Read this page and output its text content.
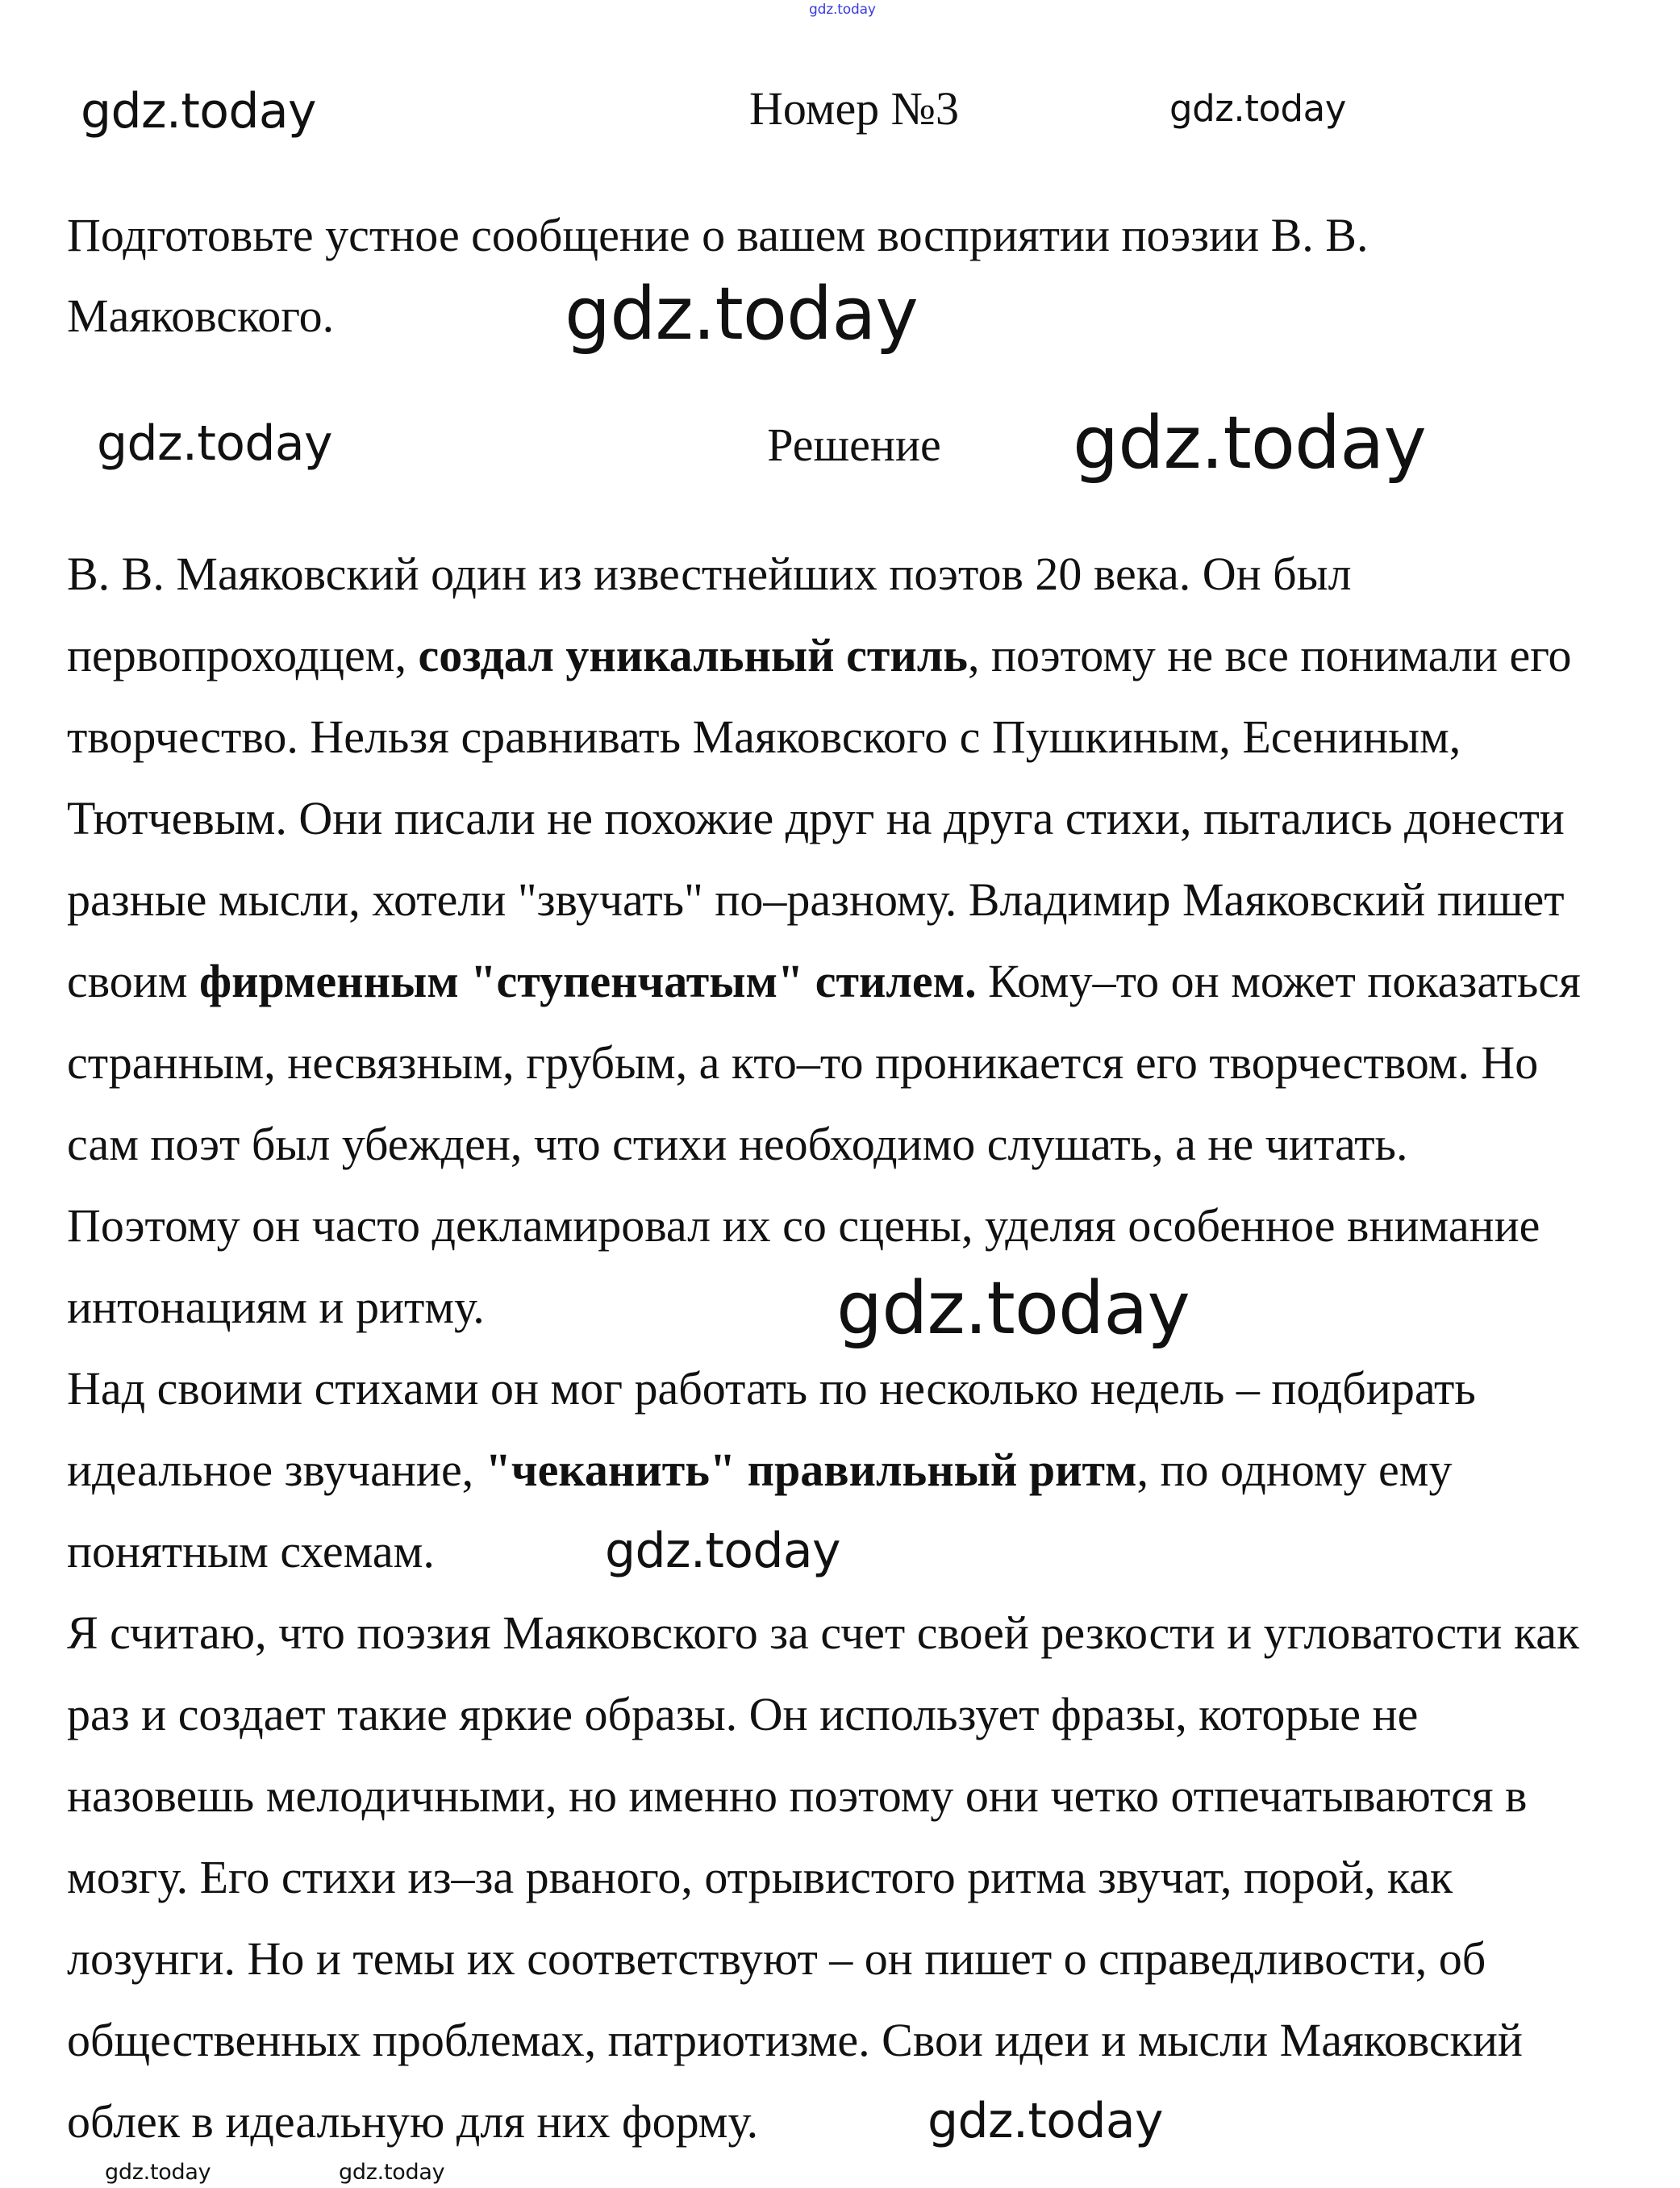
gdz.today
Номер №3
Подготовьте устное сообщение о вашем восприятии поэзии В. В.
Маяковского.
Решение
В. В. Маяковский один из известнейших поэтов 20 века. Он был
первопроходцем, создал уникальный стиль, поэтому не все понимали его
творчество. Нельзя сравнивать Маяковского с Пушкиным, Есениным,
Тютчевым. Они писали не похожие друг на друга стихи, пытались донести
разные мысли, хотели "звучать" по–разному. Владимир Маяковский пишет
своим фирменным "ступенчатым" стилем. Кому–то он может показаться
странным, несвязным, грубым, а кто–то проникается его творчеством. Но
сам поэт был убежден, что стихи необходимо слушать, а не читать.
Поэтому он часто декламировал их со сцены, уделяя особенное внимание
интонациям и ритму.
Над своими стихами он мог работать по несколько недель – подбирать
идеальное звучание, "чеканить" правильный ритм, по одному ему
понятным схемам.
Я считаю, что поэзия Маяковского за счет своей резкости и угловатости как
раз и создает такие яркие образы. Он использует фразы, которые не
назовешь мелодичными, но именно поэтому они четко отпечатываются в
мозгу. Его стихи из–за рваного, отрывистого ритма звучат, порой, как
лозунги. Но и темы их соответствуют – он пишет о справедливости, об
общественных проблемах, патриотизме. Свои идеи и мысли Маяковский
облек в идеальную для них форму.
gdz.today
gdz.today
gdz.today	gdz.today
gdz.today
gdz.today
gdz.today
gdz.today
gdz.today	gdz.today
